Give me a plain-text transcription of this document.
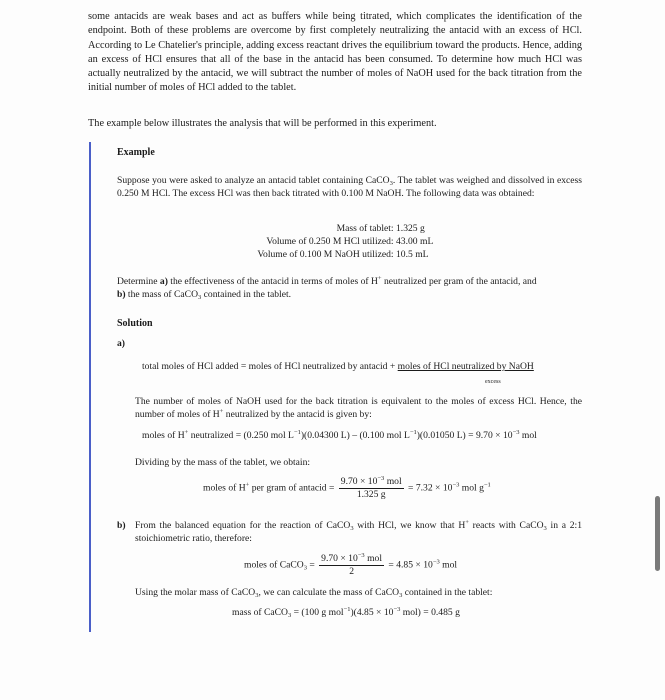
some antacids are weak bases and act as buffers while being titrated, which complicates the identification of the endpoint. Both of these problems are overcome by first completely neutralizing the antacid with an excess of HCl. According to Le Chatelier's principle, adding excess reactant drives the equilibrium toward the products. Hence, adding an excess of HCl ensures that all of the base in the antacid has been consumed. To determine how much HCl was actually neutralized by the antacid, we will subtract the number of moles of NaOH used for the back titration from the initial number of moles of HCl added to the tablet.
The example below illustrates the analysis that will be performed in this experiment.
Example
Suppose you were asked to analyze an antacid tablet containing CaCO$_3$. The tablet was weighed and dissolved in excess 0.250 M HCl. The excess HCl was then back titrated with 0.100 M NaOH. The following data was obtained:
Mass of tablet: 1.325 g
Volume of 0.250 M HCl utilized: 43.00 mL
Volume of 0.100 M NaOH utilized: 10.5 mL
Determine a) the effectiveness of the antacid in terms of moles of H+ neutralized per gram of the antacid, and
b) the mass of CaCO$_3$ contained in the tablet.
Solution
a)
total moles of HCl added = moles of HCl neutralized by antacid + moles of HCl neutralized by NaOH
excess
The number of moles of NaOH used for the back titration is equivalent to the moles of excess HCl. Hence, the number of moles of H+ neutralized by the antacid is given by:
moles of H+ neutralized = (0.250 mol $L^{-1})(0.04300$ L) – (0.100 mol $L^{-1})(0.01050$ $L) = 9.70 \times 10^{-3}$ mol
Dividing by the mass of the tablet, we obtain:
moles of H+ per gram of antacid = $\frac{9.70 \times 10^{-3} mol}{1.325 g} = 7.32 \times 10^{-3}$ mol $g^{-1}$
b) From the balanced equation for the reaction of CaCO$_3$ with HCl, we know that H+ reacts with CaCO$_3$ in a 2:1 stoichiometric ratio, therefore:
moles of CaCO$_3$ = $\frac{9.70 \times 10^{-3} mol}{2} = 4.85 \times 10^{-3}$ mol
Using the molar mass of CaCO$_3$, we can calculate the mass of CaCO$_3$ contained in the tablet:
mass of CaCO$_3$ = (100 g $mol^{-1})(4.85 \times 10^{-3}$ mol) = 0.485 g
